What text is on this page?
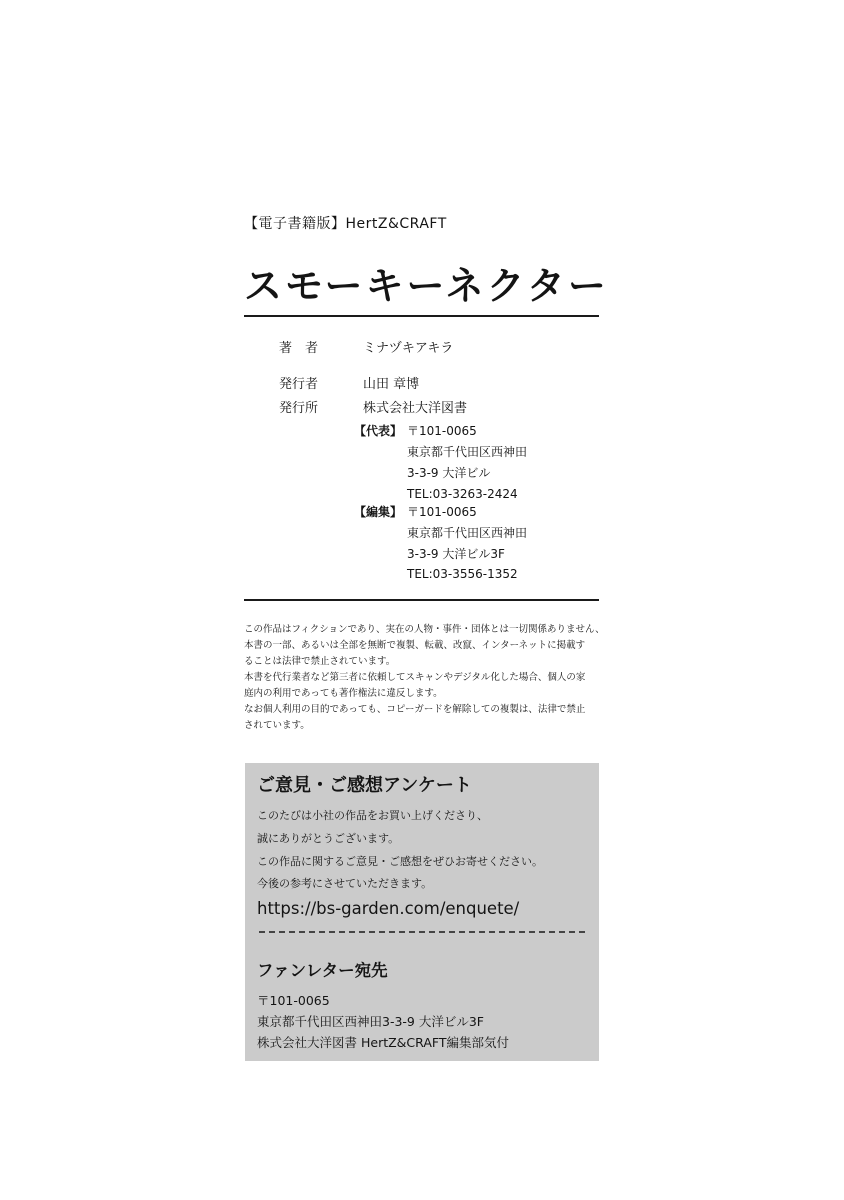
【電子書籍版】HertZ&CRAFT
スモーキーネクター
著　者	ミナヅキアキラ
発行者	山田 章博
発行所	株式会社大洋図書
【代表】 〒101-0065
東京都千代田区西神田
3-3-9 大洋ビル
TEL:03-3263-2424
【編集】 〒101-0065
東京都千代田区西神田
3-3-9 大洋ビル3F
TEL:03-3556-1352

この作品はフィクションであり、実在の人物・事件・団体とは一切関係ありません、

本書の一部、あるいは全部を無断で複製、転載、改竄、インターネットに掲載す

ることは法律で禁止されています。

本書を代行業者など第三者に依頼してスキャンやデジタル化した場合、個人の家

庭内の利用であっても著作権法に違反します。

なお個人利用の目的であっても、コピーガードを解除しての複製は、法律で禁止

されています。

ご意見・ご感想アンケート
このたびは小社の作品をお買い上げくださり、
誠にありがとうございます。
この作品に関するご意見・ご感想をぜひお寄せください。
今後の参考にさせていただきます。
https://bs-garden.com/enquete/
ファンレター宛先
〒101-0065
東京都千代田区西神田3-3-9 大洋ビル3F
株式会社大洋図書 HertZ&CRAFT編集部気付
